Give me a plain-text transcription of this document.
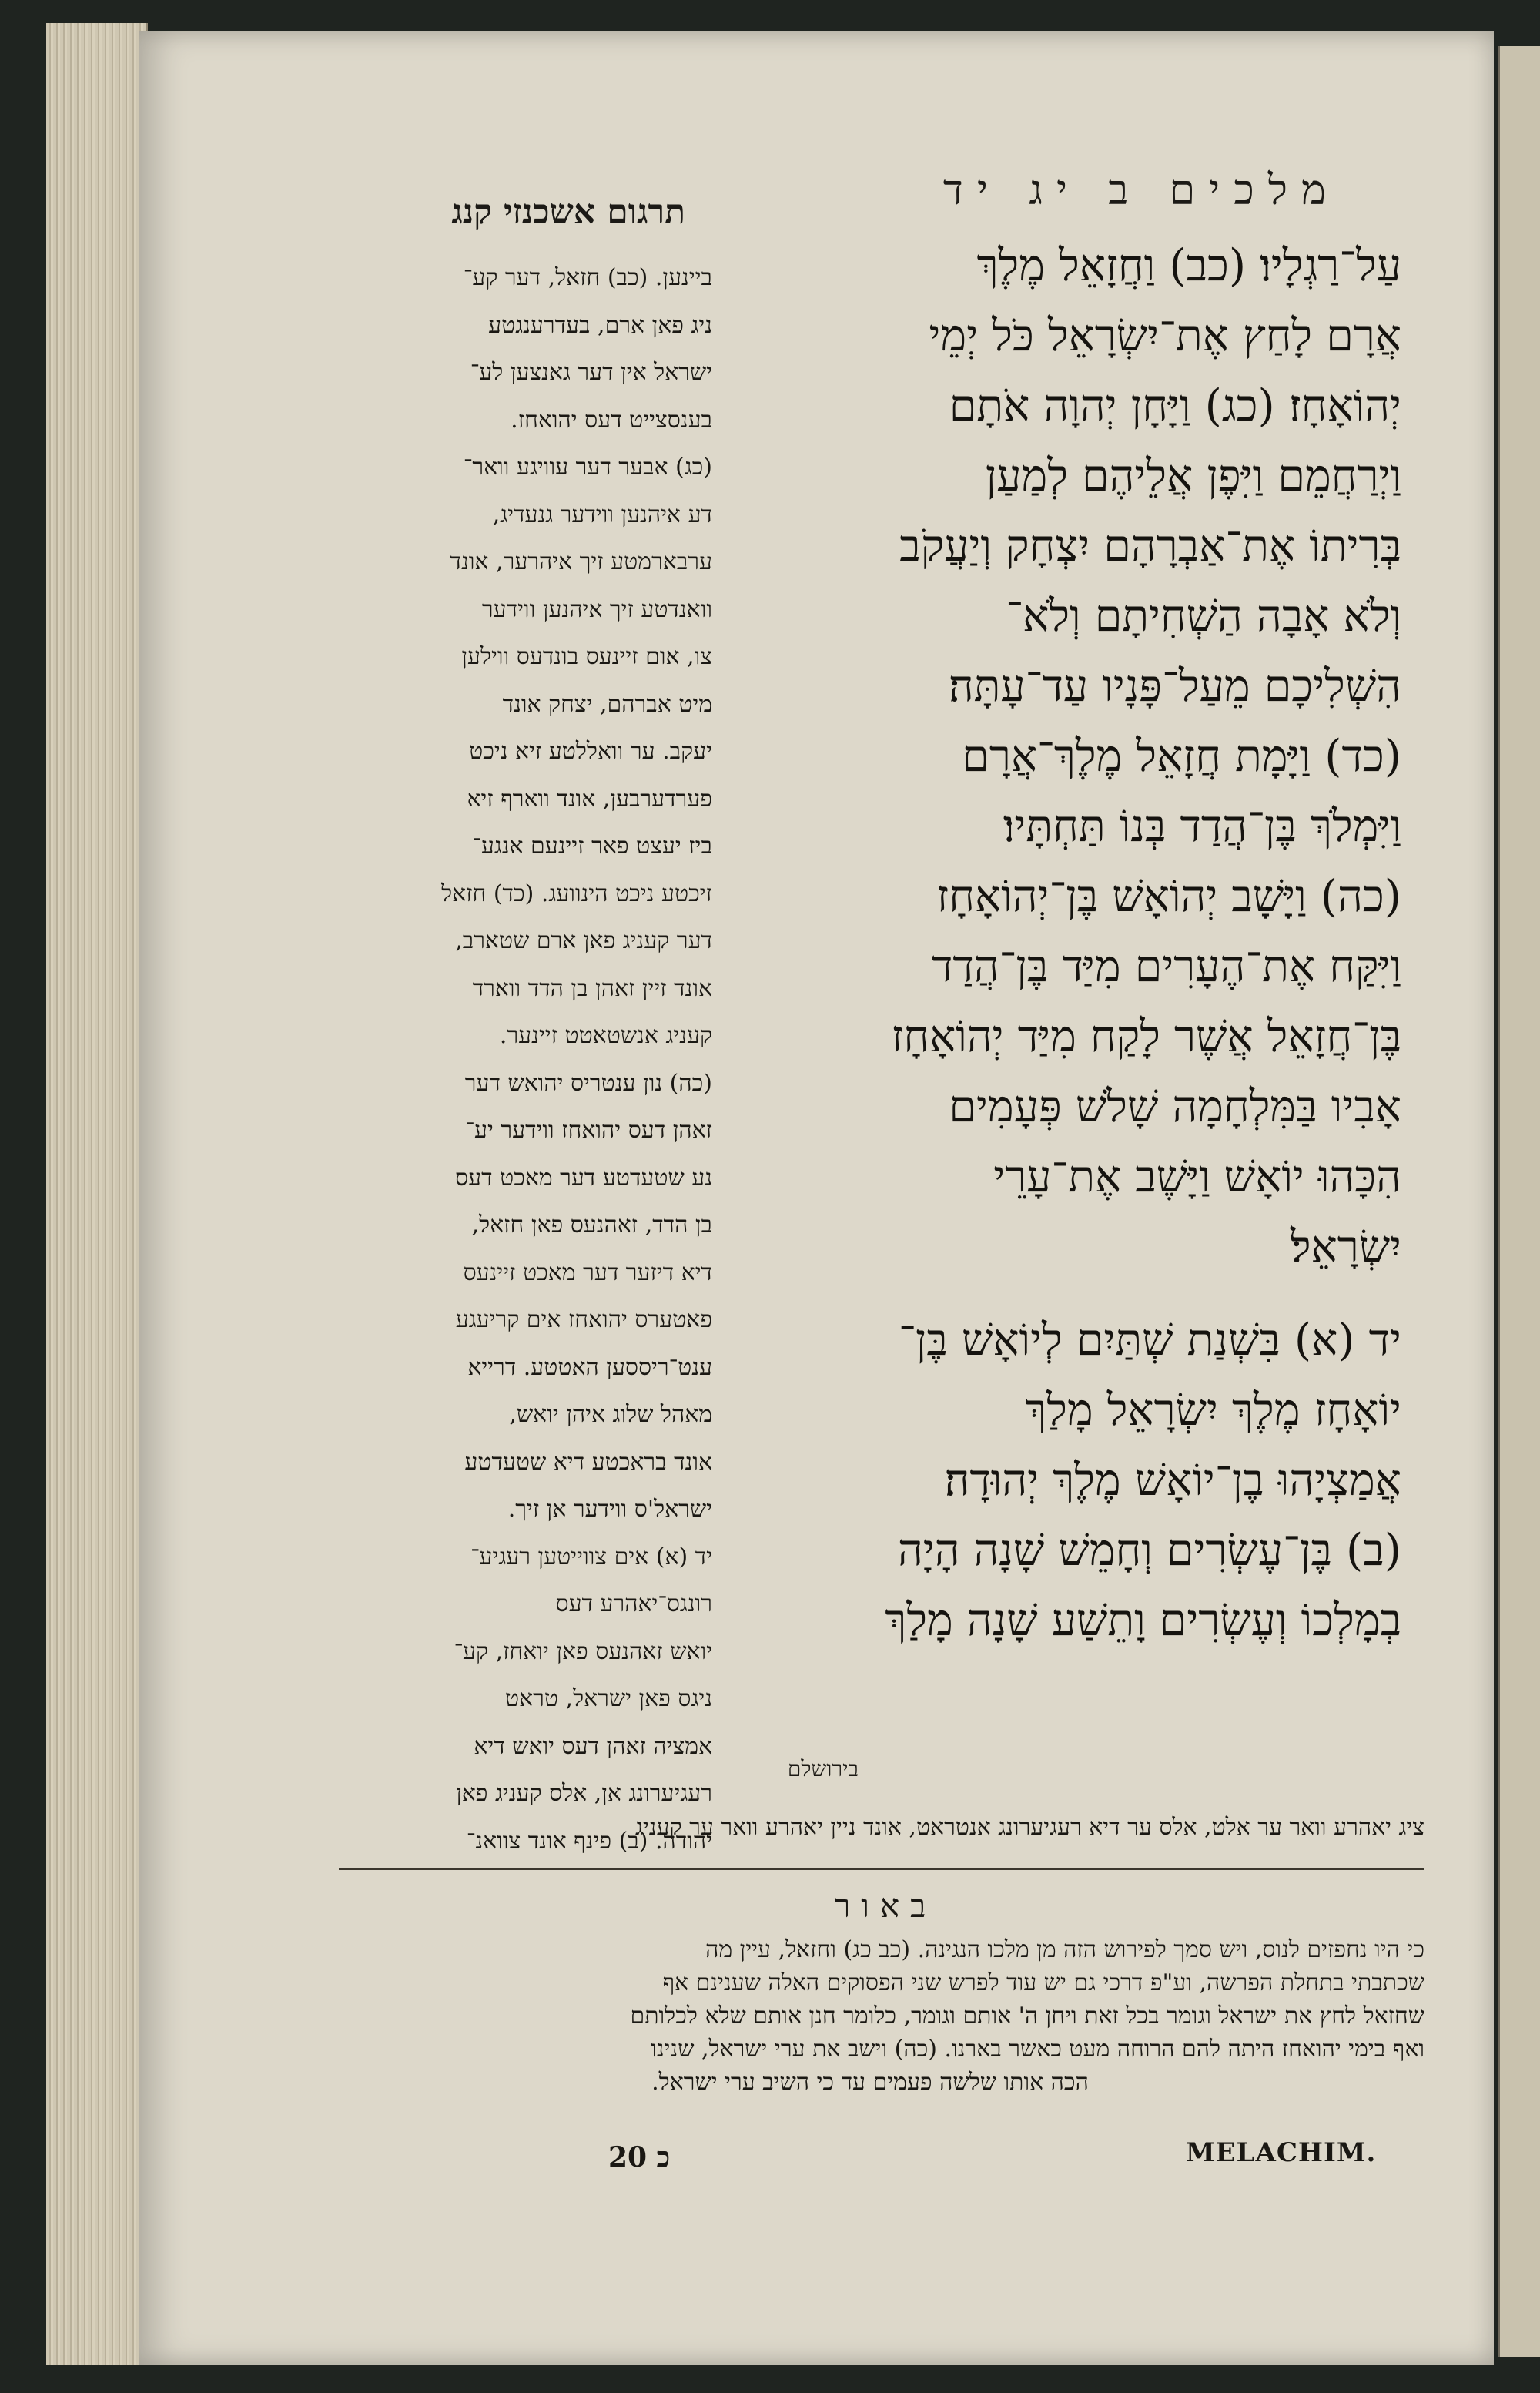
מלכים ב יג יד
תרגום אשכנזי קנג
עַל־רַגְלָיו׃ (כב) וַחֲזָאֵל מֶלֶךְ
אֲרָם לָחַץ אֶת־יִשְׂרָאֵל כֹּל יְמֵי
יְהוֹאָחָז׃ (כג) וַיָּחָן יְהוָה אֹתָם
וַיְרַחֲמֵם וַיִּפֶן אֲלֵיהֶם לְמַעַן
בְּרִיתוֹ אֶת־אַבְרָהָם יִצְחָק וְיַעֲקֹב
וְלֹא אָבָה הַשְׁחִיתָם וְלֹא־
הִשְׁלִיכָם מֵעַל־פָּנָיו עַד־עָתָּה׃
(כד) וַיָּמָת חֲזָאֵל מֶלֶךְ־אֲרָם
וַיִּמְלֹךְ בֶּן־הֲדַד בְּנוֹ תַּחְתָּיו׃
(כה) וַיָּשָׁב יְהוֹאָשׁ בֶּן־יְהוֹאָחָז
וַיִּקַּח אֶת־הֶעָרִים מִיַּד בֶּן־הֲדַד
בֶּן־חֲזָאֵל אֲשֶׁר לָקַח מִיַּד יְהוֹאָחָז
אָבִיו בַּמִּלְחָמָה שָׁלֹשׁ פְּעָמִים
הִכָּהוּ יוֹאָשׁ וַיָּשֶׁב אֶת־עָרֵי
יִשְׂרָאֵל׃
יד (א) בִּשְׁנַת שְׁתַּיִם לְיוֹאָשׁ בֶּן־
יוֹאָחָז מֶלֶךְ יִשְׂרָאֵל מָלַךְ
אֲמַצְיָהוּ בֶן־יוֹאָשׁ מֶלֶךְ יְהוּדָה׃
(ב) בֶּן־עֶשְׂרִים וְחָמֵשׁ שָׁנָה הָיָה
בְמָלְכוֹ וְעֶשְׂרִים וָתֵשַׁע שָׁנָה מָלַךְ
בירושלם
ביינען. (כב) חזאל, דער קע־
ניג פאן ארם, בעדרענגטע
ישראל אין דער גאנצען לע־
בענסצייט דעס יהואחז.
(כג) אבער דער עוויגע וואר־
דע איהנען ווידער גנעדיג,
ערבארמטע זיך איהרער, אונד
וואנדטע זיך איהנען ווידער
צו, אום זיינעס בונדעס ווילען
מיט אברהם, יצחק אונד
יעקב. ער וואללטע זיא ניכט
פערדערבען, אונד ווארף זיא
ביז יעצט פאר זיינעם אנגע־
זיכטע ניכט הינוועג. (כד) חזאל
דער קעניג פאן ארם שטארב,
אונד זיין זאהן בן הדד ווארד
קעניג אנשטאטט זיינער.
(כה) נון ענטריס יהואש דער
זאהן דעס יהואחז ווידער יע־
נע שטעדטע דער מאכט דעס
בן הדד, זאהנעס פאן חזאל,
דיא דיזער דער מאכט זיינעס
פאטערס יהואחז אים קריעגע
ענט־ריססען האטטע. דרייא
מאהל שלוג איהן יואש,
אונד בראכטע דיא שטעדטע
ישראל'ס ווידער אן זיך.
יד (א) אים צווייטען רעגיע־
רונגס־יאהרע דעס
יואש זאהנעס פאן יואחז, קע־
ניגס פאן ישראל, טראט
אמציה זאהן דעס יואש דיא
רעגיערונג אן, אלס קעניג פאן
יהודה. (ב) פינף אונד צוואנ־
ציג יאהרע וואר ער אלט, אלס ער דיא רעגיערונג אנטראט, אונד ניין יאהרע וואר ער קעניג
באור
כי היו נחפזים לנוס, ויש סמך לפירוש הזה מן מלכו הנגינה. (כב כג) וחזאל, עיין מה
שכתבתי בתחלת הפרשה, וע"פ דרכי גם יש עוד לפרש שני הפסוקים האלה שענינם אף
שחזאל לחץ את ישראל וגומר בכל זאת ויחן ה' אותם וגומר, כלומר חנן אותם שלא לכלותם
ואף בימי יהואחז היתה להם הרוחה מעט כאשר בארנו. (כה) וישב את ערי ישראל, שנינו
הכה אותו שלשה פעמים עד כי השיב ערי ישראל.
20 כ	MELACHIM.
